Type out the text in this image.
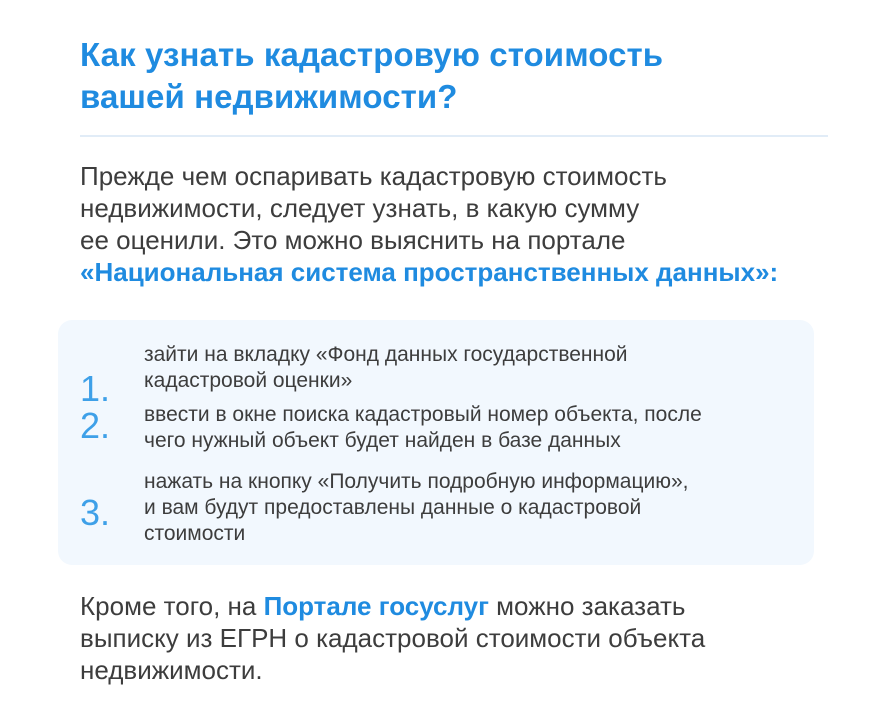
Как узнать кадастровую стоимость
вашей недвижимости?
Прежде чем оспаривать кадастровую стоимость
недвижимости, следует узнать, в какую сумму
ее оценили. Это можно выяснить на портале
«Национальная система пространственных данных»:
1.
зайти на вкладку «Фонд данных государственной
кадастровой оценки»
2. ввести в окне поиска кадастровый номер объекта, после
чего нужный объект будет найден в базе данных
3.
нажать на кнопку «Получить подробную информацию»,
и вам будут предоставлены данные о кадастровой
стоимости
Кроме того, на Портале госуслуг можно заказать
выписку из ЕГРН о кадастровой стоимости объекта
недвижимости.
